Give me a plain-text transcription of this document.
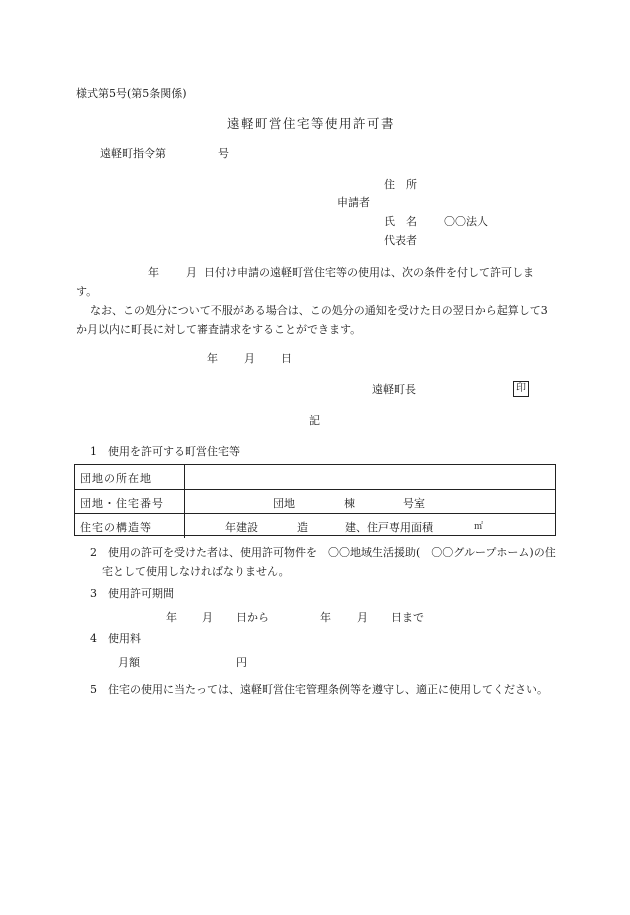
様式第5号(第5条関係)
遠軽町営住宅等使用許可書
遠軽町指令第	号
住　所
申請者
氏　名 〇〇法人
代表者
年 月 日付け申請の遠軽町営住宅等の使用は、次の条件を付して許可します。
なお、この処分について不服がある場合は、この処分の通知を受けた日の翌日から起算して3か月以内に町長に対して審査請求をすることができます。
年 月 日
遠軽町長	印
記
1　使用を許可する町営住宅等
団地の所在地
団地・住宅番号	団地	棟	号室
住宅の構造等	年建設	造	建、住戸専用面積	㎡
2　使用の許可を受けた者は、使用許可物件を　〇〇地域生活援助(　〇〇グループホーム)の住宅として使用しなければなりません。
3　使用許可期間
年 月 日から	年 月 日まで
4　使用料
月額	円
5　住宅の使用に当たっては、遠軽町営住宅管理条例等を遵守し、適正に使用してください。
